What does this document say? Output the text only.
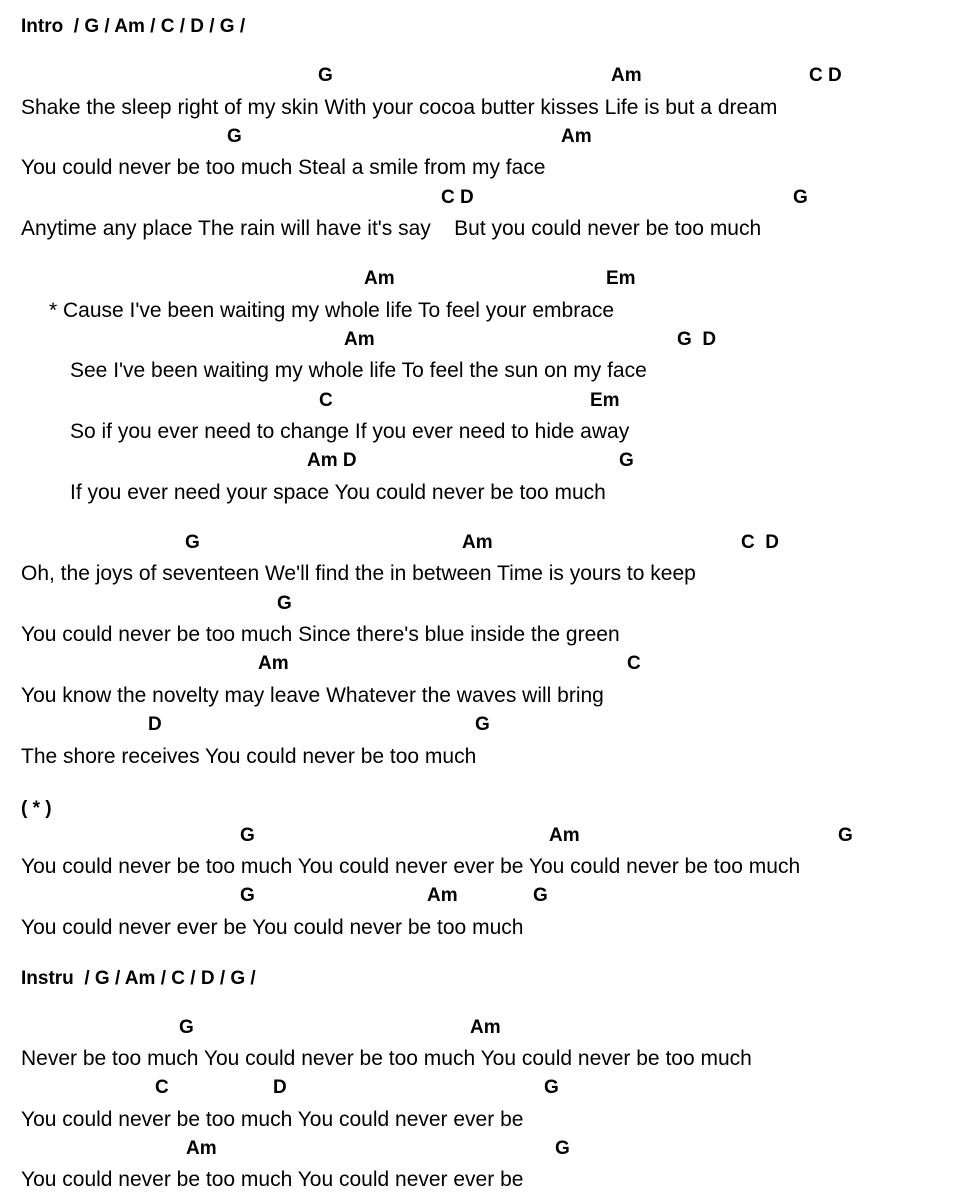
Intro  / G / Am / C / D / G /
G	Am	C D
Shake the sleep right of my skin With your cocoa butter kisses Life is but a dream
G	Am
You could never be too much Steal a smile from my face
C D	G
Anytime any place The rain will have it's say    But you could never be too much
Am	Em
* Cause I've been waiting my whole life To feel your embrace
Am	G  D
See I've been waiting my whole life To feel the sun on my face
C	Em
So if you ever need to change If you ever need to hide away
Am D	G
If you ever need your space You could never be too much
G	Am	C  D
Oh, the joys of seventeen We'll find the in between Time is yours to keep
G
You could never be too much Since there's blue inside the green
Am	C
You know the novelty may leave Whatever the waves will bring
D	G
The shore receives You could never be too much
( * )
G	Am	G
You could never be too much You could never ever be You could never be too much
G	Am	G
You could never ever be You could never be too much
Instru  / G / Am / C / D / G /
G	Am
Never be too much You could never be too much You could never be too much
C	D	G
You could never be too much You could never ever be
Am	G
You could never be too much You could never ever be
